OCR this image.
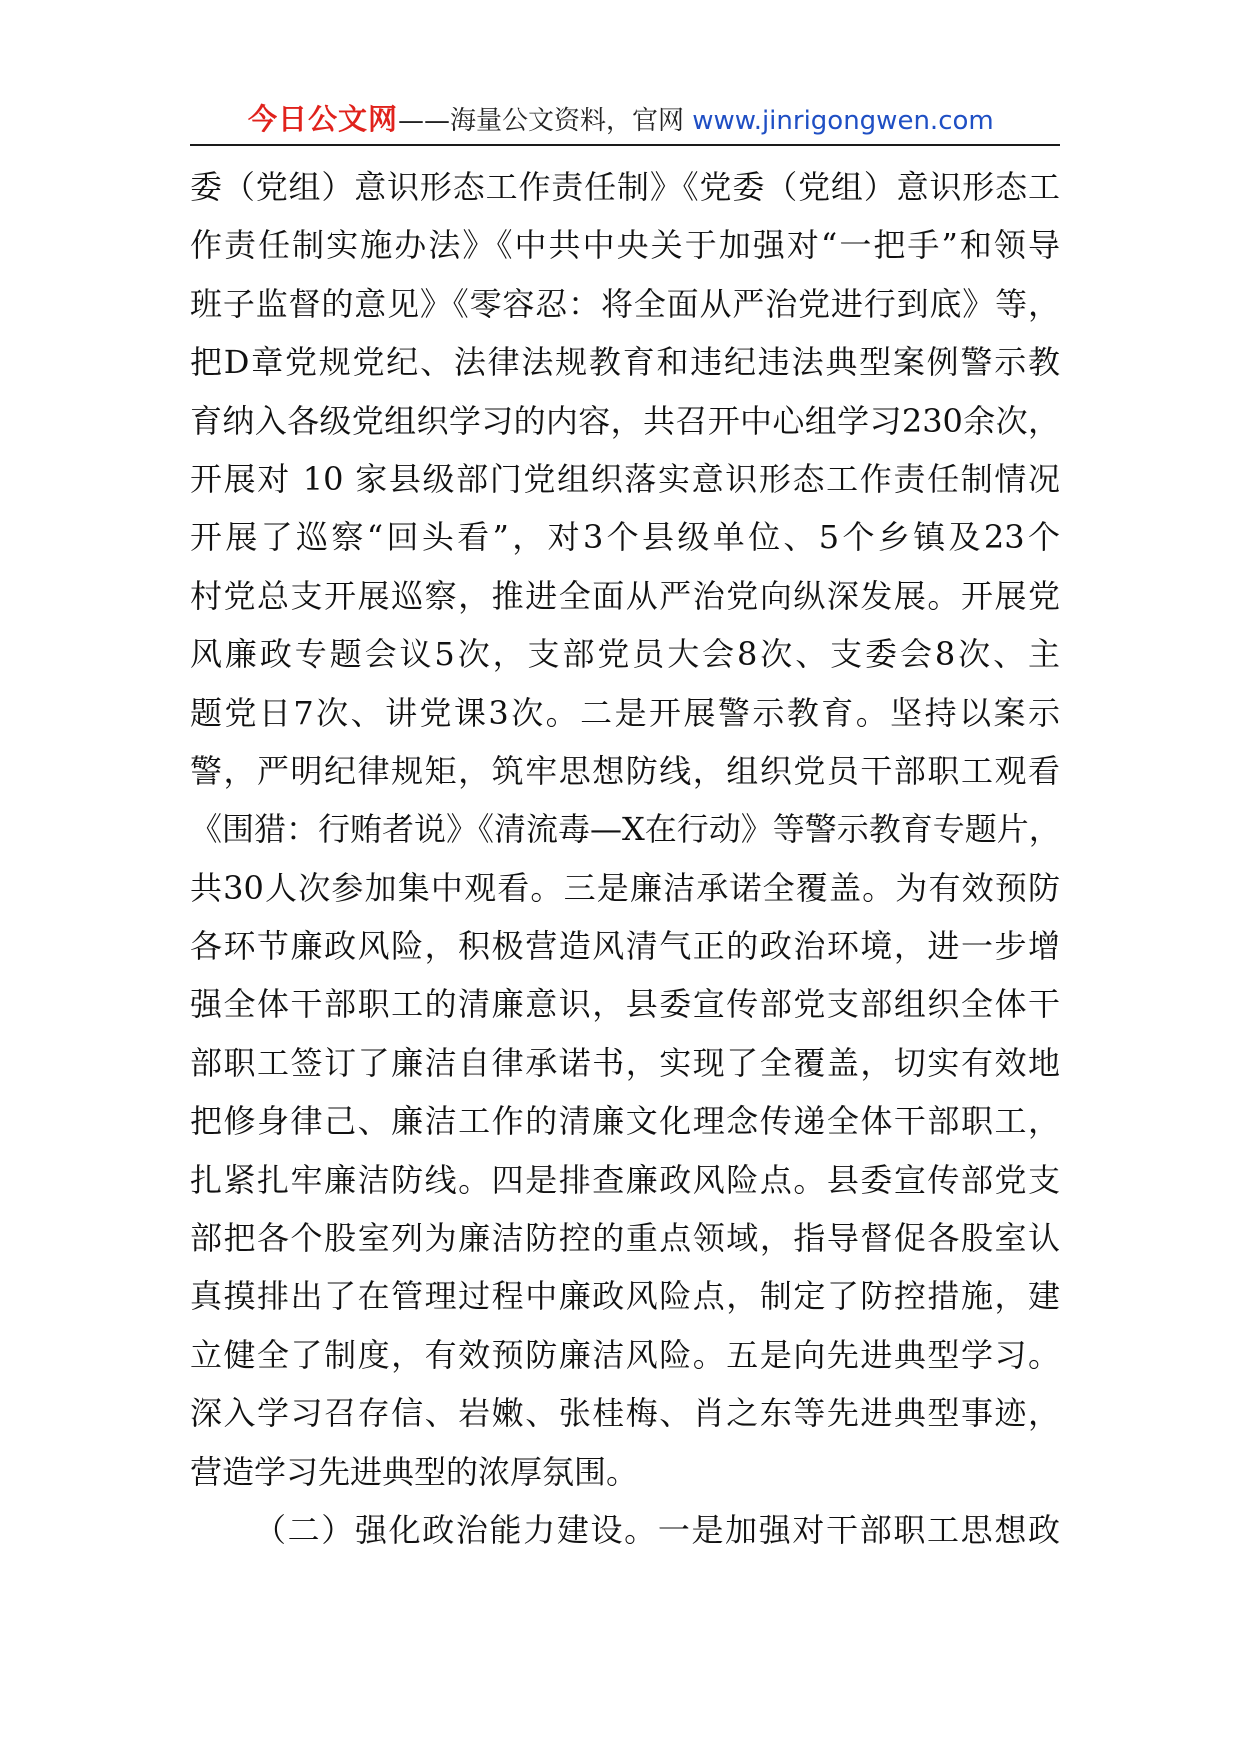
今日公文网——海量公文资料，官网 www.jinrigongwen.com
委（党组）意识形态工作责任制》《党委（党组）意识形态工
作责任制实施办法》《中共中央关于加强对“一把手”和领导
班子监督的意见》《零容忍：将全面从严治党进行到底》等，
把D章党规党纪、法律法规教育和违纪违法典型案例警示教
育纳入各级党组织学习的内容，共召开中心组学习230余次，
开展对 10 家县级部门党组织落实意识形态工作责任制情况
开展了巡察“回头看”，对3个县级单位、5个乡镇及23个
村党总支开展巡察，推进全面从严治党向纵深发展。开展党
风廉政专题会议5次，支部党员大会8次、支委会8次、主
题党日7次、讲党课3次。二是开展警示教育。坚持以案示
警，严明纪律规矩，筑牢思想防线，组织党员干部职工观看
《围猎：行贿者说》《清流毒—X在行动》等警示教育专题片，
共30人次参加集中观看。三是廉洁承诺全覆盖。为有效预防
各环节廉政风险，积极营造风清气正的政治环境，进一步增
强全体干部职工的清廉意识，县委宣传部党支部组织全体干
部职工签订了廉洁自律承诺书，实现了全覆盖，切实有效地
把修身律己、廉洁工作的清廉文化理念传递全体干部职工，
扎紧扎牢廉洁防线。四是排查廉政风险点。县委宣传部党支
部把各个股室列为廉洁防控的重点领域，指导督促各股室认
真摸排出了在管理过程中廉政风险点，制定了防控措施，建
立健全了制度，有效预防廉洁风险。五是向先进典型学习。
深入学习召存信、岩嫩、张桂梅、肖之东等先进典型事迹，
营造学习先进典型的浓厚氛围。
（二）强化政治能力建设。一是加强对干部职工思想政
